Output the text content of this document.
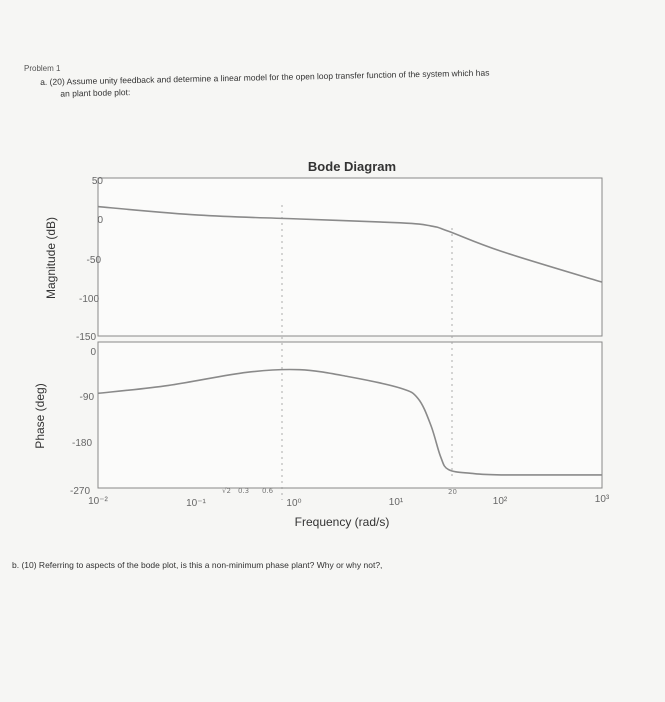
Problem 1
a. (20) Assume unity feedback and determine a linear model for the open loop transfer function of the system which has
an plant bode plot:
Bode Diagram
Magnitude (dB)
Phase (deg)
Frequency (rad/s)
50
0
-50
-100
-150
0
-90
-180
-270
10⁻²	10⁻¹	10⁰	10¹	10²	10³
20
√2 0.3 0.6
b. (10) Referring to aspects of the bode plot, is this a non-minimum phase plant? Why or why not?,
